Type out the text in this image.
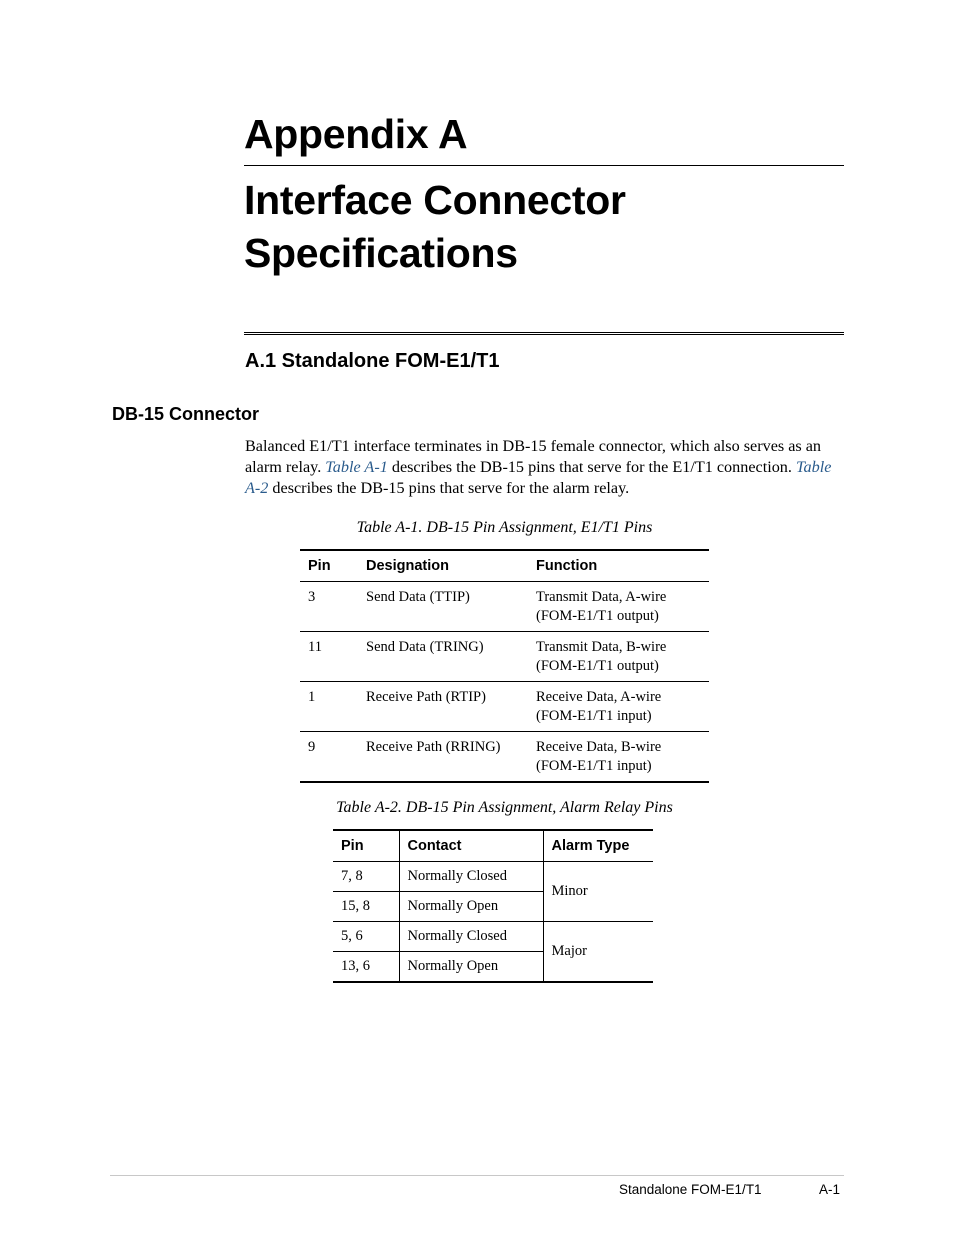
Appendix A
Interface Connector
Specifications
A.1 Standalone FOM-E1/T1
DB-15 Connector

Balanced E1/T1 interface terminates in DB-15 female connector, which also serves as an alarm relay. Table A-1 describes the DB-15 pins that serve for the E1/T1 connection. Table A-2 describes the DB-15 pins that serve for the alarm relay.

Table A-1. DB-15 Pin Assignment, E1/T1 Pins

Pin	Designation	Function
3	Send Data (TTIP)	Transmit Data, A-wire
(FOM-E1/T1 output)
11	Send Data (TRING)	Transmit Data, B-wire
(FOM-E1/T1 output)
1	Receive Path (RTIP)	Receive Data, A-wire
(FOM-E1/T1 input)
9	Receive Path (RRING)	Receive Data, B-wire
(FOM-E1/T1 input)

Table A-2. DB-15 Pin Assignment, Alarm Relay Pins

Pin	Contact	Alarm Type
7, 8	Normally Closed	Minor
15, 8	Normally Open	
5, 6	Normally Closed	Major
13, 6	Normally Open	

Standalone FOM-E1/T1	A-1
